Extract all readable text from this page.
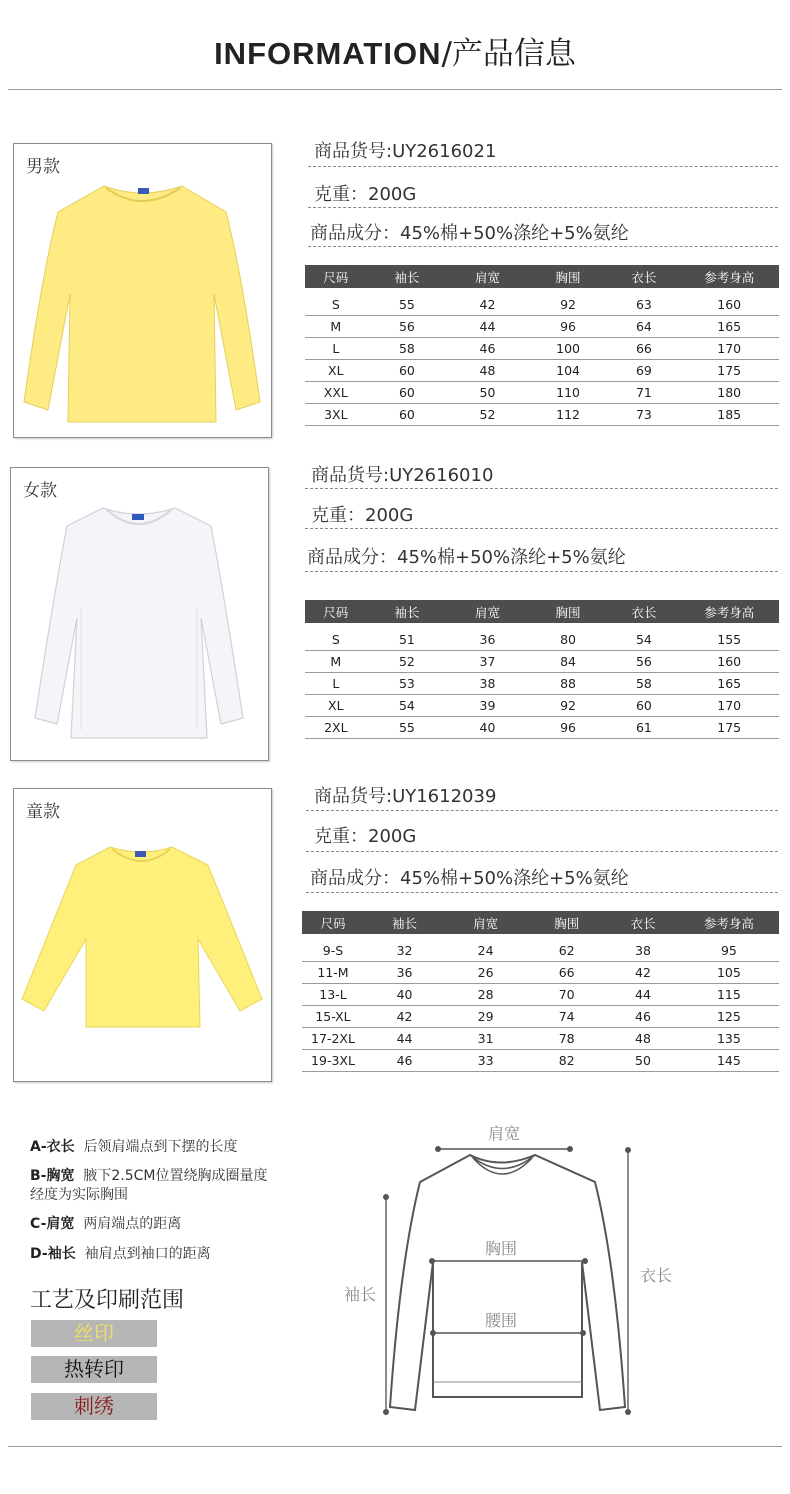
INFORMATION/产品信息
男款
商品货号:UY2616021
克重：200G
商品成分：45%棉+50%涤纶+5%氨纶
尺码	袖长	肩宽	胸围	衣长	参考身高

S	55	42	92	63	160
M	56	44	96	64	165
L	58	46	100	66	170
XL	60	48	104	69	175
XXL	60	50	110	71	180
3XL	60	52	112	73	185
女款
商品货号:UY2616010
克重：200G
商品成分：45%棉+50%涤纶+5%氨纶
尺码	袖长	肩宽	胸围	衣长	参考身高

S	51	36	80	54	155
M	52	37	84	56	160
L	53	38	88	58	165
XL	54	39	92	60	170
2XL	55	40	96	61	175
童款
商品货号:UY1612039
克重：200G
商品成分：45%棉+50%涤纶+5%氨纶
尺码	袖长	肩宽	胸围	衣长	参考身高

9-S	32	24	62	38	95
11-M	36	26	66	42	105
13-L	40	28	70	44	115
15-XL	42	29	74	46	125
17-2XL	44	31	78	48	135
19-3XL	46	33	82	50	145
A-衣长 后领肩端点到下摆的长度
B-胸宽 腋下2.5CM位置绕胸成圈量度经度为实际胸围
C-肩宽 两肩端点的距离
D-袖长 袖肩点到袖口的距离
工艺及印刷范围
丝印
热转印
刺绣
肩宽
胸围
腰围
袖长
衣长
